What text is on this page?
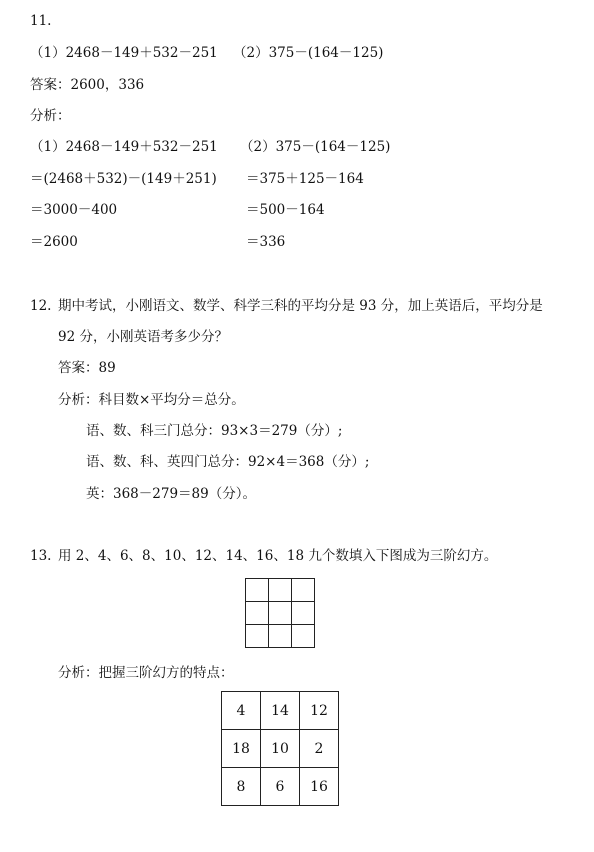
11.
（1）2468－149＋532－251 （2）375－(164－125)
答案：2600，336
分析：
（1）2468－149＋532－251
＝(2468＋532)－(149＋251)
＝3000－400
＝2600
（2）375－(164－125)
＝375＋125－164
＝500－164
＝336
12. 期中考试，小刚语文、数学、科学三科的平均分是 93 分，加上英语后，平均分是
92 分，小刚英语考多少分？
答案：89
分析：科目数×平均分＝总分。
语、数、科三门总分：93×3＝279（分）;
语、数、科、英四门总分：92×4＝368（分）;
英：368－279＝89（分）。
13. 用 2、4、6、8、10、12、14、16、18 九个数填入下图成为三阶幻方。

分析：把握三阶幻方的特点：
4	14	12
18	10	2
8	6	16
